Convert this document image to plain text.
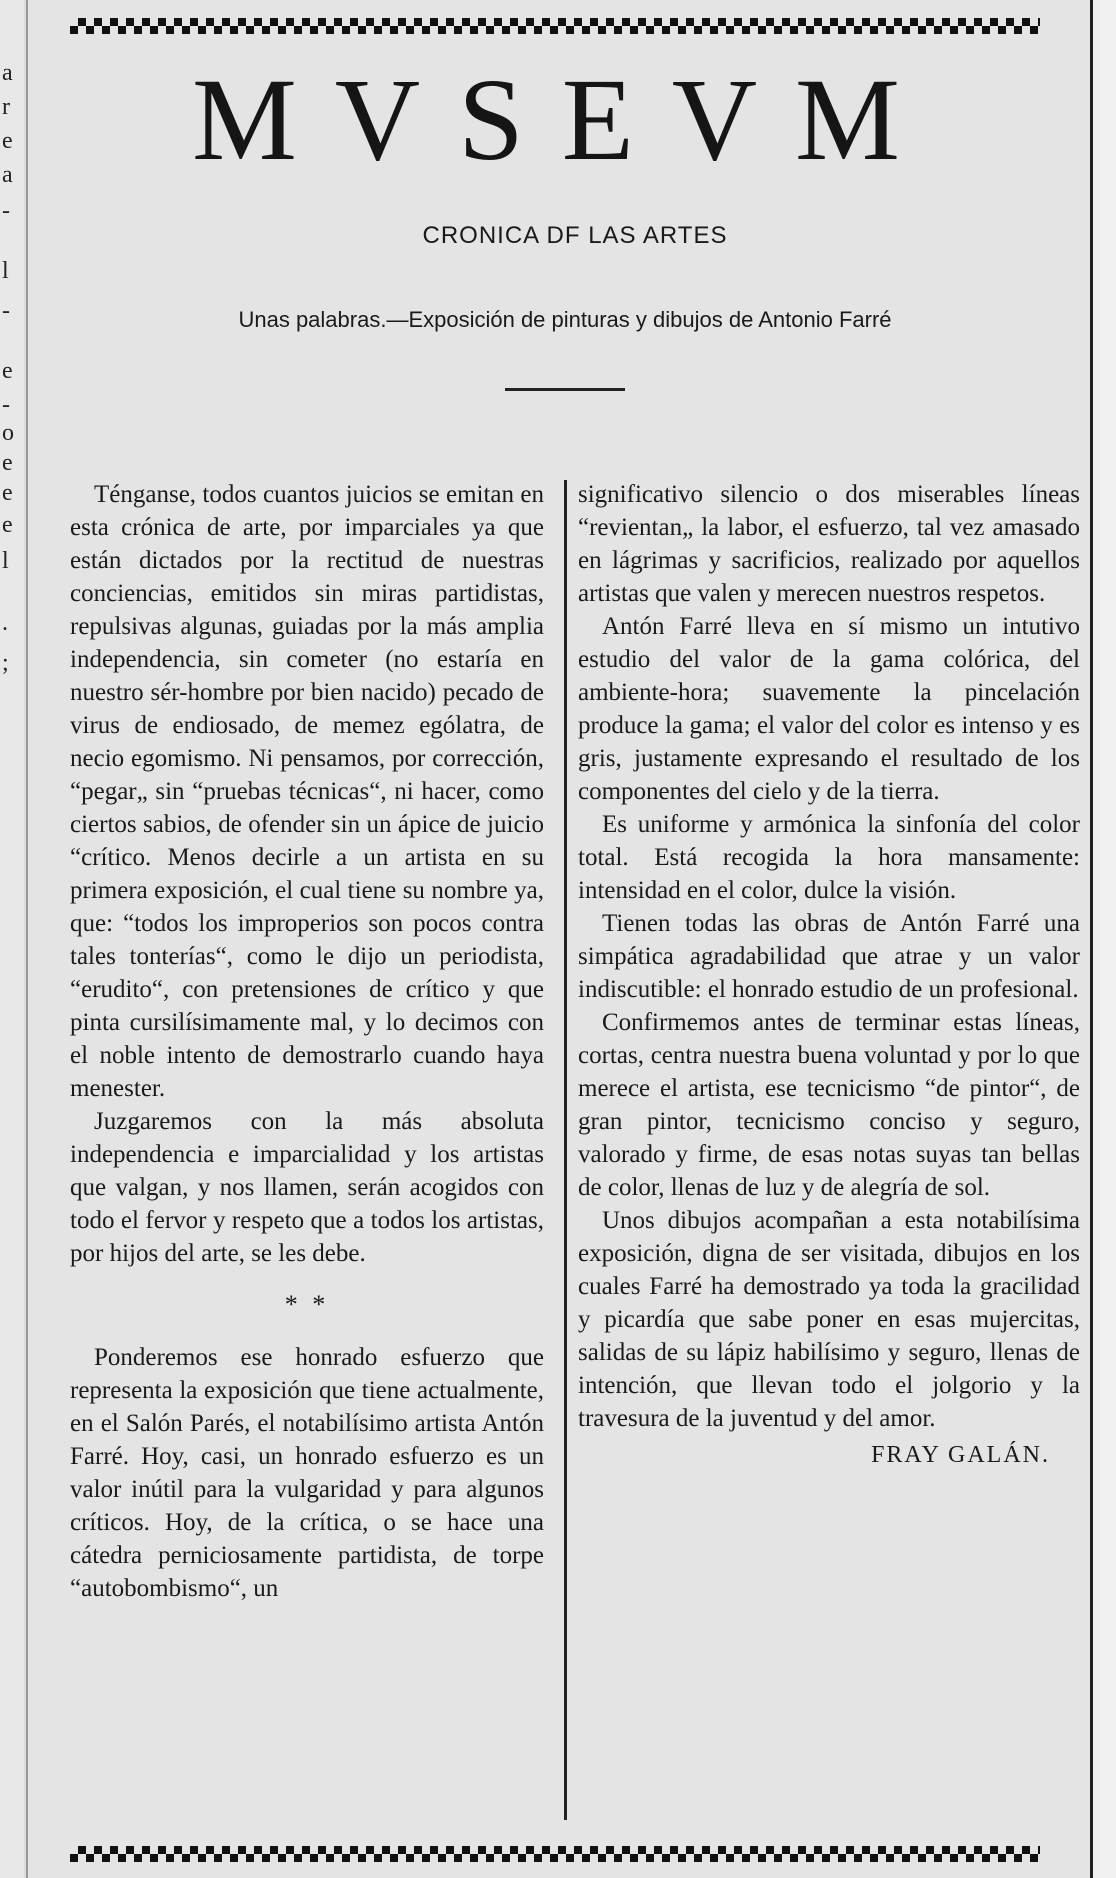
a
r
e
a
-
l
-
e
-
o
e
e
e
l
.
;
MVSEVM
CRONICA DF LAS ARTES
Unas palabras.—Exposición de pinturas y dibujos de Antonio Farré

Ténganse, todos cuantos juicios se emitan en esta crónica de arte, por imparciales ya que están dictados por la rectitud de nuestras conciencias, emitidos sin miras partidistas, repulsivas algunas, guiadas por la más amplia independencia, sin cometer (no estaría en nuestro sér-hombre por bien nacido) pecado de virus de endiosado, de memez ególatra, de necio egomismo. Ni pensamos, por corrección, “pegar„ sin “pruebas técnicas“, ni hacer, como ciertos sabios, de ofender sin un ápice de juicio “crítico. Menos decirle a un artista en su primera exposición, el cual tiene su nombre ya, que: “todos los improperios son pocos contra tales tonterías“, como le dijo un periodista, “erudito“, con pretensiones de crítico y que pinta cursilísimamente mal, y lo decimos con el noble intento de demostrarlo cuando haya menester.

Juzgaremos con la más absoluta independencia e imparcialidad y los artistas que valgan, y nos llamen, serán acogidos con todo el fervor y respeto que a todos los artistas, por hijos del arte, se les debe.

* *

Ponderemos ese honrado esfuerzo que representa la exposición que tiene actualmente, en el Salón Parés, el notabilísimo artista Antón Farré. Hoy, casi, un honrado esfuerzo es un valor inútil para la vulgaridad y para algunos críticos. Hoy, de la crítica, o se hace una cátedra perniciosamente partidista, de torpe “autobombismo“, un

significativo silencio o dos miserables líneas “revientan„ la labor, el esfuerzo, tal vez amasado en lágrimas y sacrificios, realizado por aquellos artistas que valen y merecen nuestros respetos.

Antón Farré lleva en sí mismo un intutivo estudio del valor de la gama colórica, del ambiente-hora; suavemente la pincelación produce la gama; el valor del color es intenso y es gris, justamente expresando el resultado de los componentes del cielo y de la tierra.

Es uniforme y armónica la sinfonía del color total. Está recogida la hora mansamente: intensidad en el color, dulce la visión.

Tienen todas las obras de Antón Farré una simpática agradabilidad que atrae y un valor indiscutible: el honrado estudio de un profesional.

Confirmemos antes de terminar estas líneas, cortas, centra nuestra buena voluntad y por lo que merece el artista, ese tecnicismo “de pintor“, de gran pintor, tecnicismo conciso y seguro, valorado y firme, de esas notas suyas tan bellas de color, llenas de luz y de alegría de sol.

Unos dibujos acompañan a esta notabilísima exposición, digna de ser visitada, dibujos en los cuales Farré ha demostrado ya toda la gracilidad y picardía que sabe poner en esas mujercitas, salidas de su lápiz habilísimo y seguro, llenas de intención, que llevan todo el jolgorio y la travesura de la juventud y del amor.

FRAY GALÁN.
